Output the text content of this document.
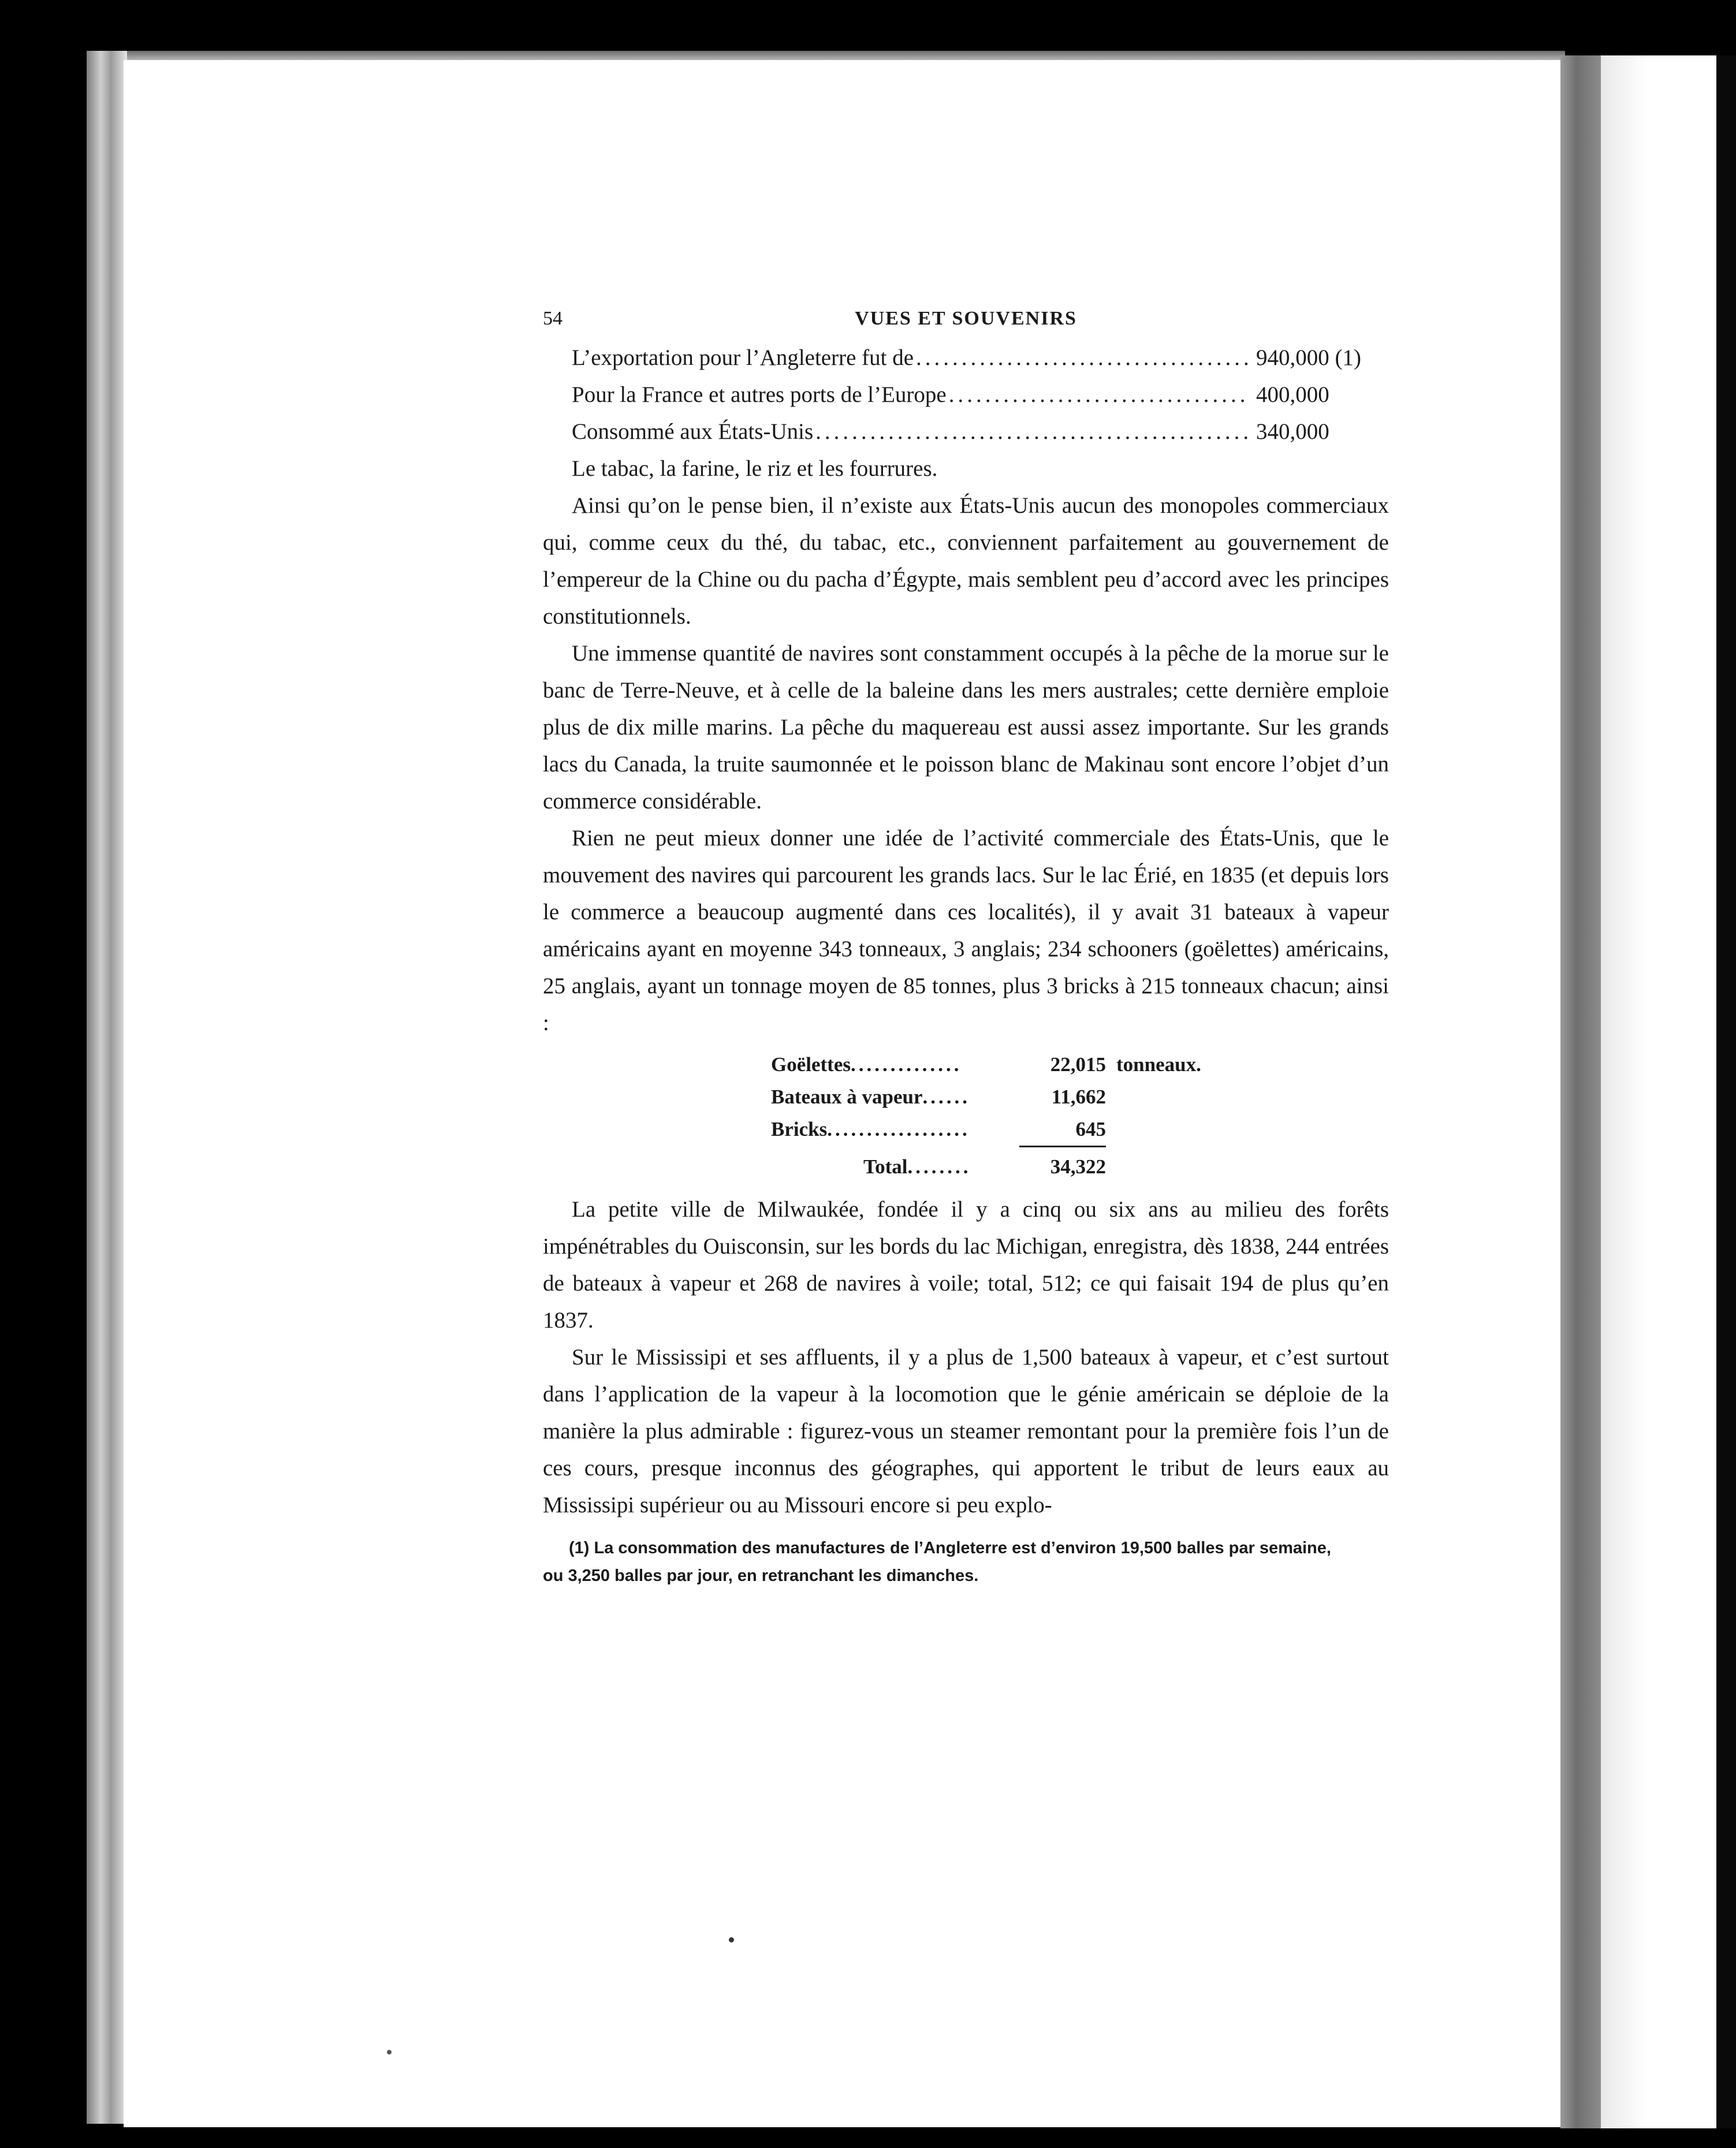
54	VUES ET SOUVENIRS
L’exportation pour l’Angleterre fut de .....	940,000 (1)
Pour la France et autres ports de l’Europe .....	400,000
Consommé aux États-Unis .....	340,000

Le tabac, la farine, le riz et les fourrures.

Ainsi qu’on le pense bien, il n’existe aux États-Unis aucun des monopoles commerciaux qui, comme ceux du thé, du tabac, etc., conviennent parfaitement au gouvernement de l’empereur de la Chine ou du pacha d’Égypte, mais semblent peu d’accord avec les principes constitutionnels.

Une immense quantité de navires sont constamment occupés à la pêche de la morue sur le banc de Terre-Neuve, et à celle de la baleine dans les mers australes; cette dernière emploie plus de dix mille marins. La pêche du maquereau est aussi assez importante. Sur les grands lacs du Canada, la truite saumonnée et le poisson blanc de Makinau sont encore l’objet d’un commerce considérable.

Rien ne peut mieux donner une idée de l’activité commerciale des États-Unis, que le mouvement des navires qui parcourent les grands lacs. Sur le lac Érié, en 1835 (et depuis lors le commerce a beaucoup augmenté dans ces localités), il y avait 31 bateaux à vapeur américains ayant en moyenne 343 tonneaux, 3 anglais; 234 schooners (goëlettes) américains, 25 anglais, ayant un tonnage moyen de 85 tonnes, plus 3 bricks à 215 tonneaux chacun; ainsi :

Goëlettes..............	22,015 tonneaux.
Bateaux à vapeur......	11,662
Bricks..................	645
Total........	34,322

La petite ville de Milwaukée, fondée il y a cinq ou six ans au milieu des forêts impénétrables du Ouisconsin, sur les bords du lac Michigan, enregistra, dès 1838, 244 entrées de bateaux à vapeur et 268 de navires à voile; total, 512; ce qui faisait 194 de plus qu’en 1837.

Sur le Mississipi et ses affluents, il y a plus de 1,500 bateaux à vapeur, et c’est surtout dans l’application de la vapeur à la locomotion que le génie américain se déploie de la manière la plus admirable : figurez-vous un steamer remontant pour la première fois l’un de ces cours, presque inconnus des géographes, qui apportent le tribut de leurs eaux au Mississipi supérieur ou au Missouri encore si peu explo-

(1) La consommation des manufactures de l’Angleterre est d’environ 19,500 balles par semaine,
ou 3,250 balles par jour, en retranchant les dimanches.
